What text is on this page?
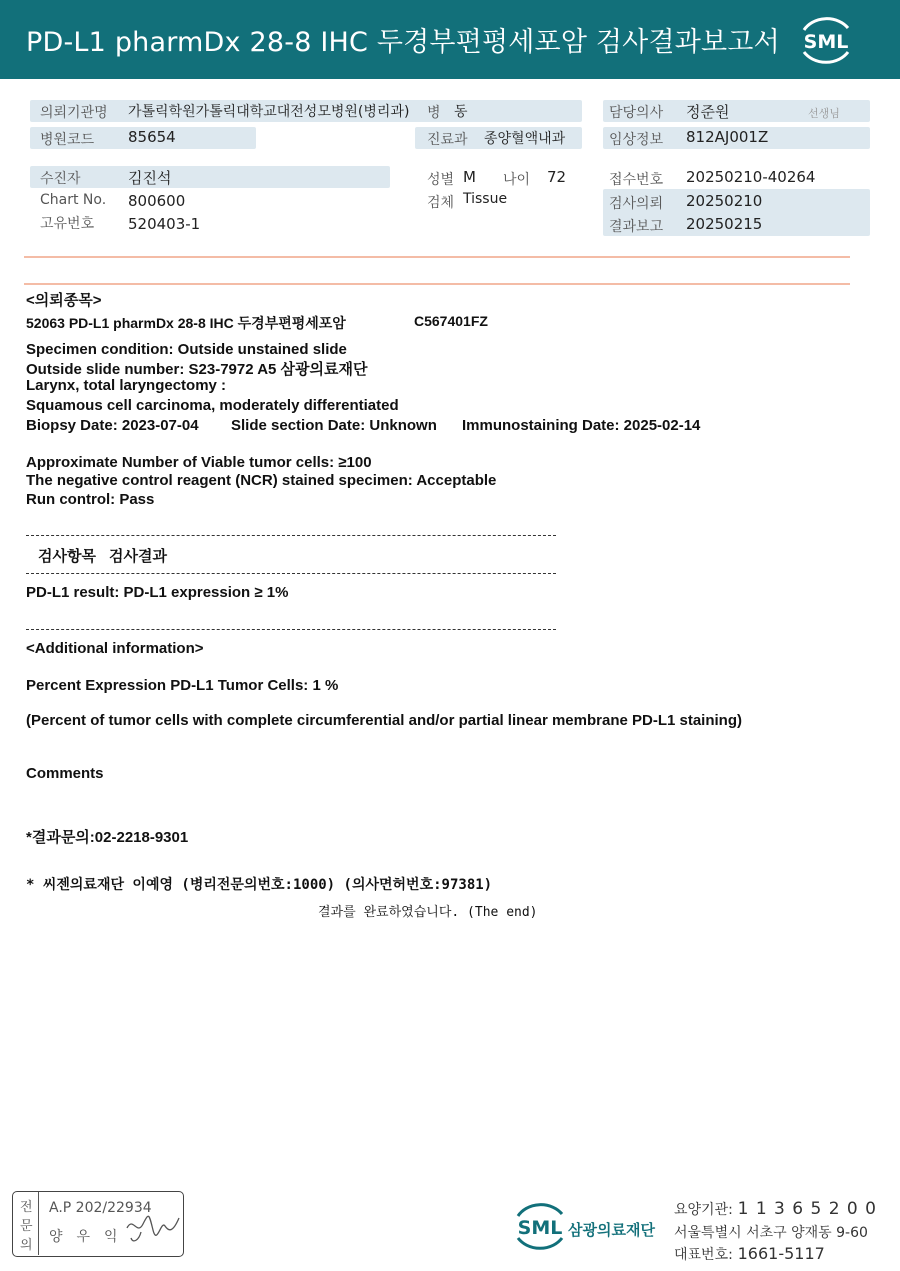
PD-L1 pharmDx 28-8 IHC 두경부편평세포암 검사결과보고서 SML
의뢰기관명 가톨릭학원가톨릭대학교대전성모병원(병리과) 병 동	담당의사 정준원	선생님
병원코드 85654	진료과 종양혈액내과	임상정보 812AJ001Z
수진자	김진석	성별 M 나이 72	접수번호 20250210-40264
Chart No. 800600	검체 Tissue	검사의뢰 20250210
고유번호 520403-1	결과보고 20250215
<의뢰종목>
52063 PD-L1 pharmDx 28-8 IHC 두경부편평세포암	C567401FZ
Specimen condition: Outside unstained slide
Outside slide number: S23-7972 A5 삼광의료재단
Larynx, total laryngectomy :
Squamous cell carcinoma, moderately differentiated
Biopsy Date: 2023-07-04 Slide section Date: Unknown Immunostaining Date: 2025-02-14
Approximate Number of Viable tumor cells: ≥100
The negative control reagent (NCR) stained specimen: Acceptable
Run control: Pass
검사항목 검사결과
PD-L1 result: PD-L1 expression ≥ 1%
<Additional information>
Percent Expression PD-L1 Tumor Cells: 1 %
(Percent of tumor cells with complete circumferential and/or partial linear membrane PD-L1 staining)
Comments
*결과문의:02-2218-9301
* 씨젠의료재단 이예영 (병리전문의번호:1000) (의사면허번호:97381)
결과를 완료하였습니다. (The end)
전
문
의
A.P 202/22934
양우익	SML 삼광의료재단
요양기관: 1 1 3 6 5 2 0 0
서울특별시 서초구 양재동 9-60
대표번호: 1661-5117
